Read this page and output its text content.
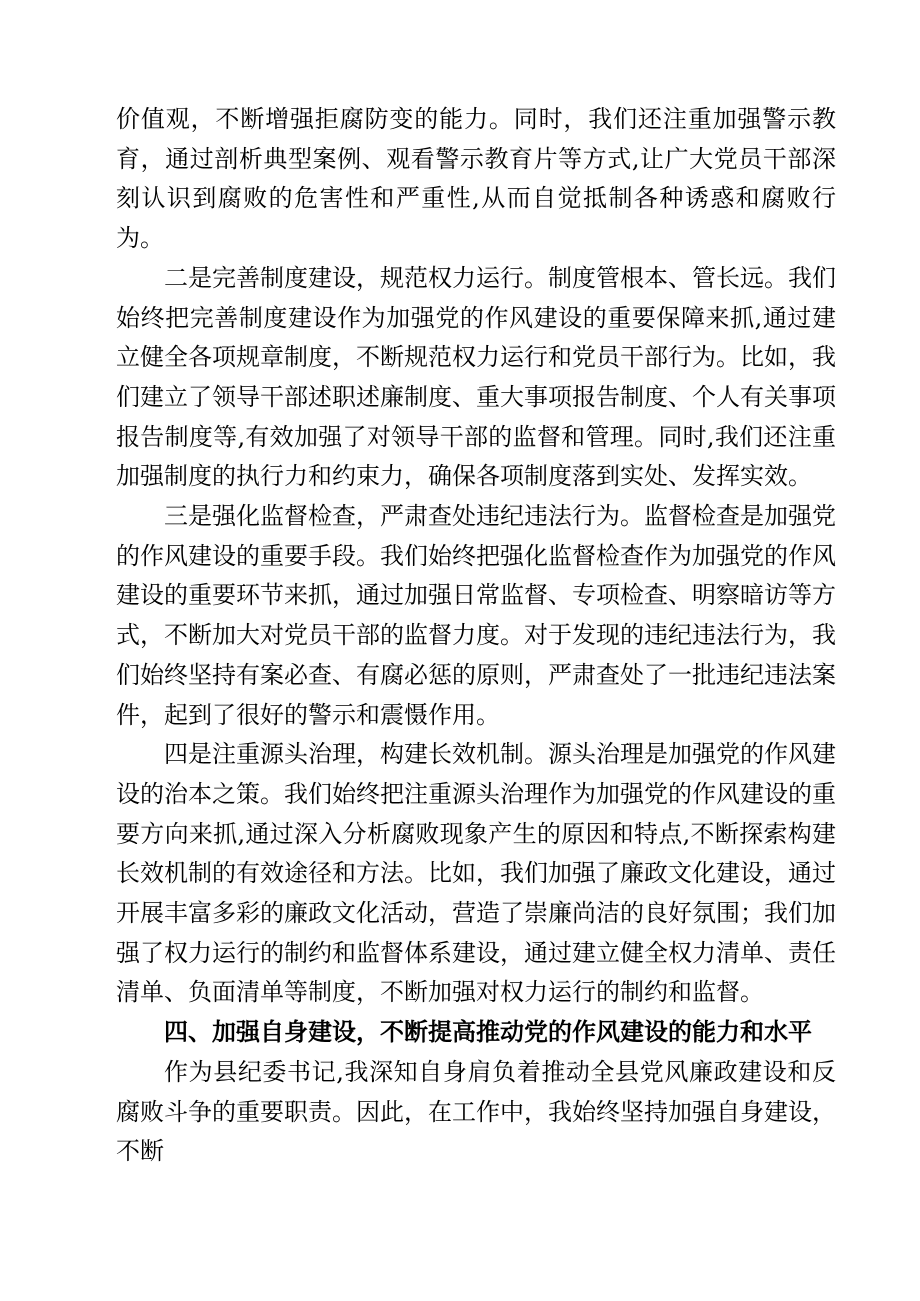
价值观，不断增强拒腐防变的能力。同时，我们还注重加强警示教育，通过剖析典型案例、观看警示教育片等方式,让广大党员干部深刻认识到腐败的危害性和严重性,从而自觉抵制各种诱惑和腐败行为。

二是完善制度建设，规范权力运行。制度管根本、管长远。我们始终把完善制度建设作为加强党的作风建设的重要保障来抓,通过建立健全各项规章制度，不断规范权力运行和党员干部行为。比如，我们建立了领导干部述职述廉制度、重大事项报告制度、个人有关事项报告制度等,有效加强了对领导干部的监督和管理。同时,我们还注重加强制度的执行力和约束力，确保各项制度落到实处、发挥实效。

三是强化监督检查，严肃查处违纪违法行为。监督检查是加强党的作风建设的重要手段。我们始终把强化监督检查作为加强党的作风建设的重要环节来抓，通过加强日常监督、专项检查、明察暗访等方式，不断加大对党员干部的监督力度。对于发现的违纪违法行为，我们始终坚持有案必查、有腐必惩的原则，严肃查处了一批违纪违法案件，起到了很好的警示和震慑作用。

四是注重源头治理，构建长效机制。源头治理是加强党的作风建设的治本之策。我们始终把注重源头治理作为加强党的作风建设的重要方向来抓,通过深入分析腐败现象产生的原因和特点,不断探索构建长效机制的有效途径和方法。比如，我们加强了廉政文化建设，通过开展丰富多彩的廉政文化活动，营造了崇廉尚洁的良好氛围；我们加强了权力运行的制约和监督体系建设，通过建立健全权力清单、责任清单、负面清单等制度，不断加强对权力运行的制约和监督。

四、加强自身建设，不断提高推动党的作风建设的能力和水平

作为县纪委书记,我深知自身肩负着推动全县党风廉政建设和反腐败斗争的重要职责。因此，在工作中，我始终坚持加强自身建设，不断
